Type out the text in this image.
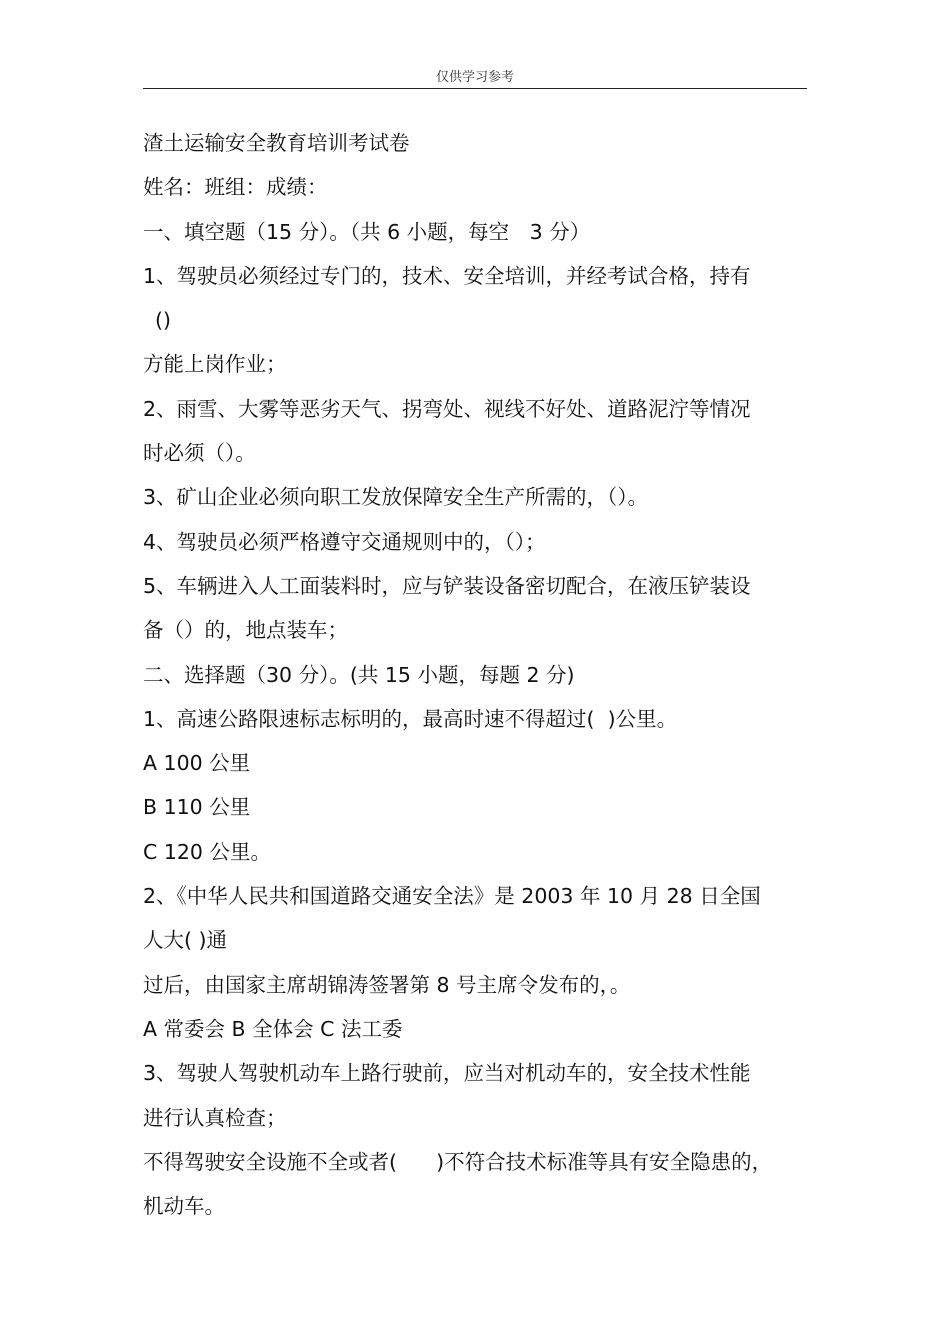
仅供学习参考
渣土运输安全教育培训考试卷
姓名：班组：成绩：
一、填空题（15 分）。（共 6 小题，每空　3 分）
1、驾驶员必须经过专门的，技术、安全培训，并经考试合格，持有
()
方能上岗作业；
2、雨雪、大雾等恶劣天气、拐弯处、视线不好处、道路泥泞等情况
时必须（）。
3、矿山企业必须向职工发放保障安全生产所需的，（）。
4、驾驶员必须严格遵守交通规则中的，（）；
5、车辆进入人工面装料时，应与铲装设备密切配合，在液压铲装设
备（）的，地点装车；
二、选择题（30 分）。(共 15 小题，每题 2 分)
1、高速公路限速标志标明的，最高时速不得超过(  )公里。
A 100 公里
B 110 公里
C 120 公里。
2、《中华人民共和国道路交通安全法》是 2003 年 10 月 28 日全国
人大( )通
过后，由国家主席胡锦涛签署第 8 号主席令发布的，。
A 常委会 B 全体会 C 法工委
3、驾驶人驾驶机动车上路行驶前，应当对机动车的，安全技术性能
进行认真检查；
不得驾驶安全设施不全或者(      )不符合技术标准等具有安全隐患的，
机动车。
